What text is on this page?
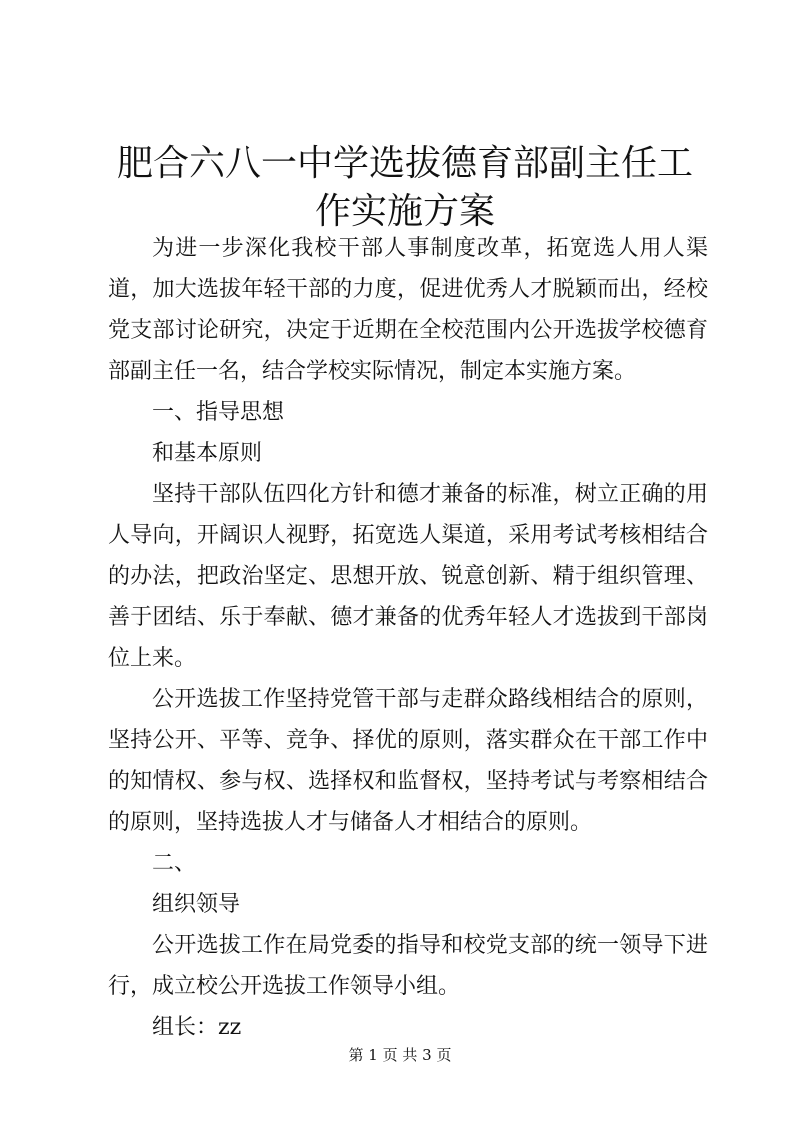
肥合六八一中学选拔德育部副主任工作实施方案

为进一步深化我校干部人事制度改革，拓宽选人用人渠道，加大选拔年轻干部的力度，促进优秀人才脱颖而出，经校党支部讨论研究，决定于近期在全校范围内公开选拔学校德育部副主任一名，结合学校实际情况，制定本实施方案。

一、指导思想

和基本原则

坚持干部队伍四化方针和德才兼备的标准，树立正确的用人导向，开阔识人视野，拓宽选人渠道，采用考试考核相结合的办法，把政治坚定、思想开放、锐意创新、精于组织管理、善于团结、乐于奉献、德才兼备的优秀年轻人才选拔到干部岗位上来。

公开选拔工作坚持党管干部与走群众路线相结合的原则，坚持公开、平等、竞争、择优的原则，落实群众在干部工作中的知情权、参与权、选择权和监督权，坚持考试与考察相结合的原则，坚持选拔人才与储备人才相结合的原则。

二、

组织领导

公开选拔工作在局党委的指导和校党支部的统一领导下进行，成立校公开选拔工作领导小组。

组长：zz

第 1 页 共 3 页
